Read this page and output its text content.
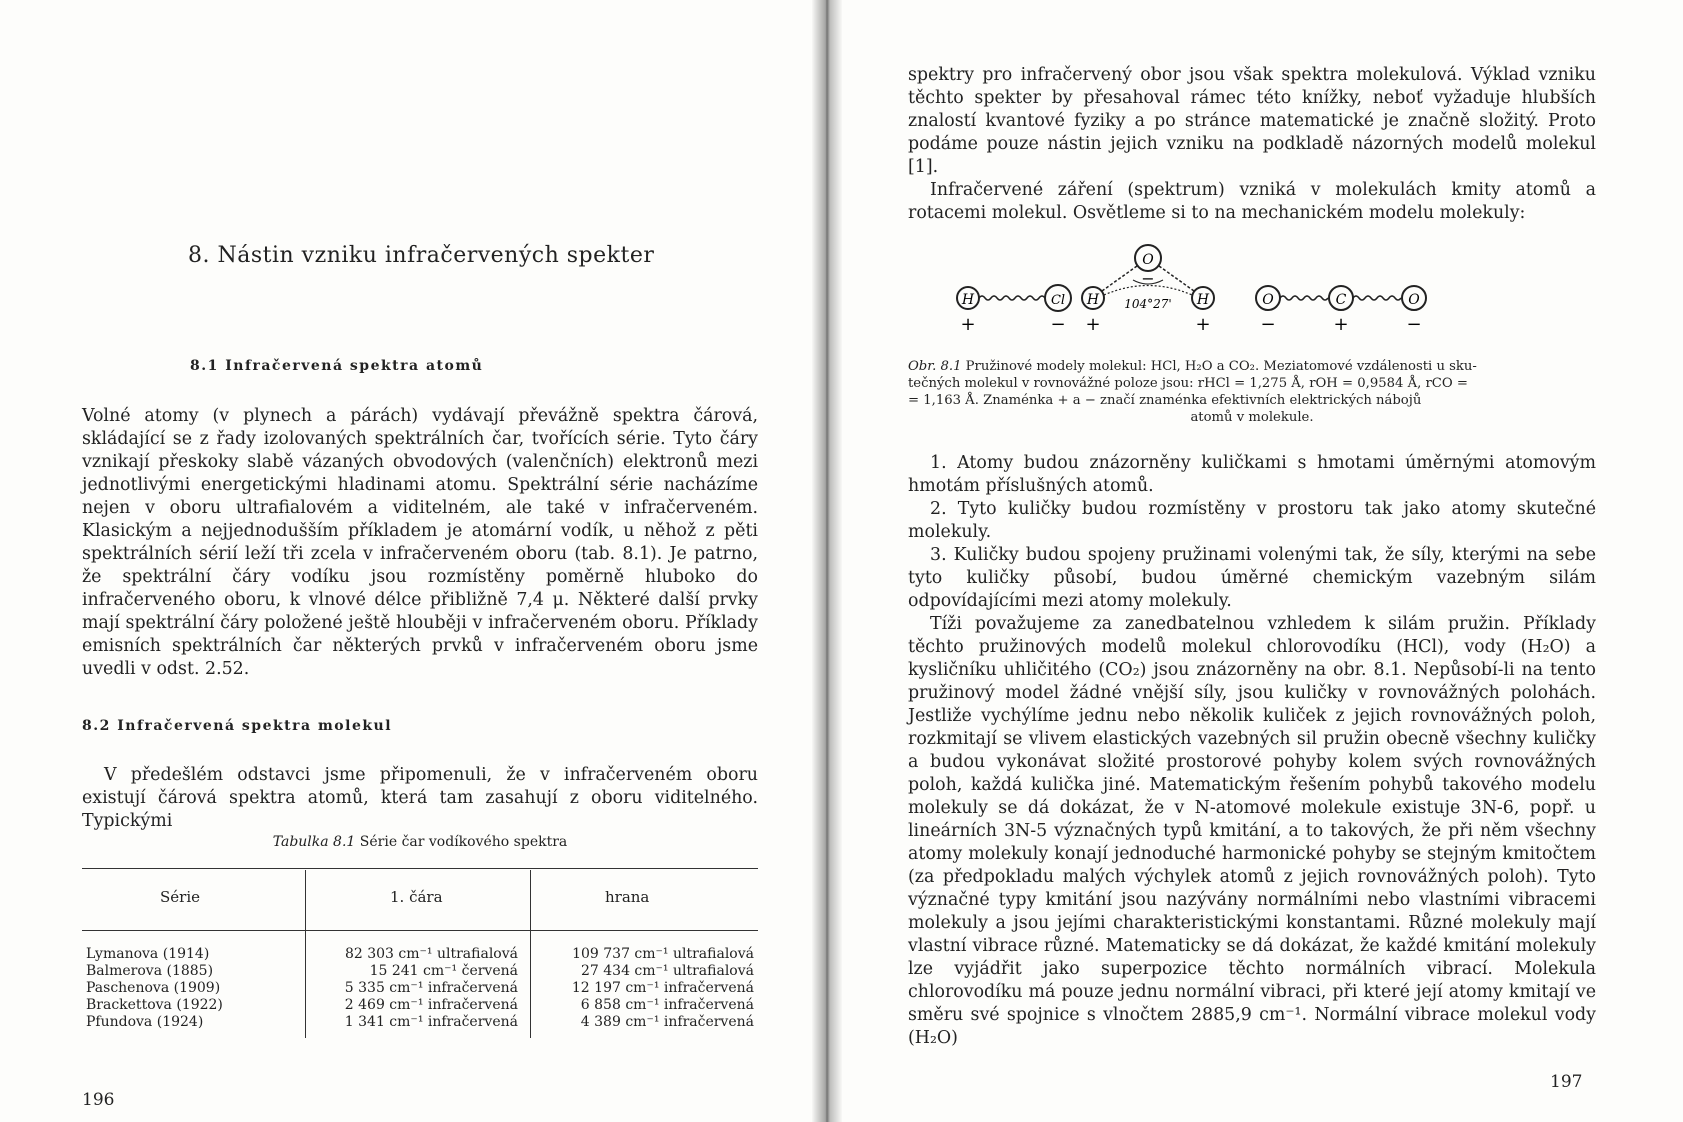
8. Nástin vzniku infračervených spekter
8.1 Infračervená spektra atomů

Volné atomy (v plynech a párách) vydávají převážně spektra čárová, skládající se z řady izolovaných spektrálních čar, tvořících série. Tyto čáry vznikají přeskoky slabě vázaných obvodových (valenčních) elektronů mezi jednotlivými energetickými hladinami atomu. Spektrální série nacházíme nejen v oboru ultrafialovém a viditelném, ale také v infračerveném. Klasickým a nejjednodušším příkladem je atomární vodík, u něhož z pěti spektrálních sérií leží tři zcela v infračerveném oboru (tab. 8.1). Je patrno, že spektrální čáry vodíku jsou rozmístěny poměrně hluboko do infračerveného oboru, k vlnové délce přibližně 7,4 μ. Některé další prvky mají spektrální čáry položené ještě hlouběji v infračerveném oboru. Příklady emisních spektrálních čar některých prvků v infračerveném oboru jsme uvedli v odst. 2.52.

8.2 Infračervená spektra molekul

V předešlém odstavci jsme připomenuli, že v infračerveném oboru existují čárová spektra atomů, která tam zasahují z oboru viditelného. Typickými

Tabulka 8.1 Série čar vodíkového spektra
Série	1. čára	hrana
Lymanova (1914)	82 303 cm⁻¹ ultrafialová	109 737 cm⁻¹ ultrafialová
Balmerova (1885)	15 241 cm⁻¹ červená	27 434 cm⁻¹ ultrafialová
Paschenova (1909)	5 335 cm⁻¹ infračervená	12 197 cm⁻¹ infračervená
Brackettova (1922)	2 469 cm⁻¹ infračervená	6 858 cm⁻¹ infračervená
Pfundova (1924)	1 341 cm⁻¹ infračervená	4 389 cm⁻¹ infračervená
196

spektry pro infračervený obor jsou však spektra molekulová. Výklad vzniku těchto spekter by přesahoval rámec této knížky, neboť vyžaduje hlubších znalostí kvantové fyziky a po stránce matematické je značně složitý. Proto podáme pouze nástin jejich vzniku na podkladě názorných modelů molekul [1].

Infračervené záření (spektrum) vzniká v molekulách kmity atomů a rotacemi molekul. Osvětleme si to na mechanickém modelu molekuly:

H	Cl
+	−
H
O
H
104°27'
−
+	+
O	C	O
−	+	−
Obr. 8.1 Pružinové modely molekul: HCl, H₂O a CO₂. Meziatomové vzdálenosti u sku-
tečných molekul v rovnovážné poloze jsou: rHCl = 1,275 Å, rOH = 0,9584 Å, rCO =
= 1,163 Å. Znaménka + a − značí znaménka efektivních elektrických nábojů
atomů v molekule.

1. Atomy budou znázorněny kuličkami s hmotami úměrnými atomovým hmotám příslušných atomů.

2. Tyto kuličky budou rozmístěny v prostoru tak jako atomy skutečné molekuly.

3. Kuličky budou spojeny pružinami volenými tak, že síly, kterými na sebe tyto kuličky působí, budou úměrné chemickým vazebným silám odpovídajícími mezi atomy molekuly.

Tíži považujeme za zanedbatelnou vzhledem k silám pružin. Příklady těchto pružinových modelů molekul chlorovodíku (HCl), vody (H₂O) a kysličníku uhličitého (CO₂) jsou znázorněny na obr. 8.1. Nepůsobí-li na tento pružinový model žádné vnější síly, jsou kuličky v rovnovážných polohách. Jestliže vychýlíme jednu nebo několik kuliček z jejich rovnovážných poloh, rozkmitají se vlivem elastických vazebných sil pružin obecně všechny kuličky a budou vykonávat složité prostorové pohyby kolem svých rovnovážných poloh, každá kulička jiné. Matematickým řešením pohybů takového modelu molekuly se dá dokázat, že v N-atomové molekule existuje 3N-6, popř. u lineárních 3N-5 význačných typů kmitání, a to takových, že při něm všechny atomy molekuly konají jednoduché harmonické pohyby se stejným kmitočtem (za předpokladu malých výchylek atomů z jejich rovnovážných poloh). Tyto význačné typy kmitání jsou nazývány normálními nebo vlastními vibracemi molekuly a jsou jejími charakteristickými konstantami. Různé molekuly mají vlastní vibrace různé. Matematicky se dá dokázat, že každé kmitání molekuly lze vyjádřit jako superpozice těchto normálních vibrací. Molekula chlorovodíku má pouze jednu normální vibraci, při které její atomy kmitají ve směru své spojnice s vlnočtem 2885,9 cm⁻¹. Normální vibrace molekul vody (H₂O)

197
